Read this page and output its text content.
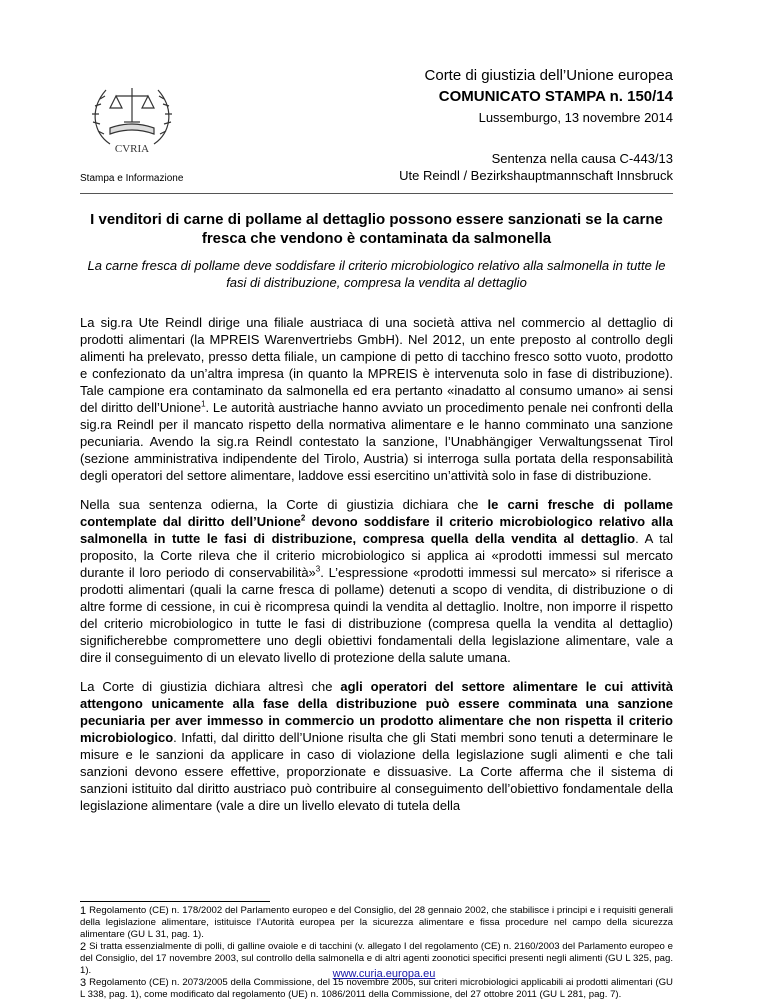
CVRIA
Stampa e Informazione
Corte di giustizia dell’Unione europea
COMUNICATO STAMPA n. 150/14
Lussemburgo, 13 novembre 2014
Sentenza nella causa C-443/13
Ute Reindl / Bezirkshauptmannschaft Innsbruck
I venditori di carne di pollame al dettaglio possono essere sanzionati se la carne fresca che vendono è contaminata da salmonella
La carne fresca di pollame deve soddisfare il criterio microbiologico relativo alla salmonella in tutte le fasi di distribuzione, compresa la vendita al dettaglio

La sig.ra Ute Reindl dirige una filiale austriaca di una società attiva nel commercio al dettaglio di prodotti alimentari (la MPREIS Warenvertriebs GmbH). Nel 2012, un ente preposto al controllo degli alimenti ha prelevato, presso detta filiale, un campione di petto di tacchino fresco sotto vuoto, prodotto e confezionato da un’altra impresa (in quanto la MPREIS è intervenuta solo in fase di distribuzione). Tale campione era contaminato da salmonella ed era pertanto «inadatto al consumo umano» ai sensi del diritto dell’Unione$^1$. Le autorità austriache hanno avviato un procedimento penale nei confronti della sig.ra Reindl per il mancato rispetto della normativa alimentare e le hanno comminato una sanzione pecuniaria. Avendo la sig.ra Reindl contestato la sanzione, l’Unabhängiger Verwaltungssenat Tirol (sezione amministrativa indipendente del Tirolo, Austria) si interroga sulla portata della responsabilità degli operatori del settore alimentare, laddove essi esercitino un’attività solo in fase di distribuzione.

Nella sua sentenza odierna, la Corte di giustizia dichiara che le carni fresche di pollame contemplate dal diritto dell’Unione$^2$ devono soddisfare il criterio microbiologico relativo alla salmonella in tutte le fasi di distribuzione, compresa quella della vendita al dettaglio. A tal proposito, la Corte rileva che il criterio microbiologico si applica ai «prodotti immessi sul mercato durante il loro periodo di conservabilità»$^3$. L’espressione «prodotti immessi sul mercato» si riferisce a prodotti alimentari (quali la carne fresca di pollame) detenuti a scopo di vendita, di distribuzione o di altre forme di cessione, in cui è ricompresa quindi la vendita al dettaglio. Inoltre, non imporre il rispetto del criterio microbiologico in tutte le fasi di distribuzione (compresa quella la vendita al dettaglio) significherebbe compromettere uno degli obiettivi fondamentali della legislazione alimentare, vale a dire il conseguimento di un elevato livello di protezione della salute umana.

La Corte di giustizia dichiara altresì che agli operatori del settore alimentare le cui attività attengono unicamente alla fase della distribuzione può essere comminata una sanzione pecuniaria per aver immesso in commercio un prodotto alimentare che non rispetta il criterio microbiologico. Infatti, dal diritto dell’Unione risulta che gli Stati membri sono tenuti a determinare le misure e le sanzioni da applicare in caso di violazione della legislazione sugli alimenti e che tali sanzioni devono essere effettive, proporzionate e dissuasive. La Corte afferma che il sistema di sanzioni istituito dal diritto austriaco può contribuire al conseguimento dell’obiettivo fondamentale della legislazione alimentare (vale a dire un livello elevato di tutela della

1 Regolamento (CE) n. 178/2002 del Parlamento europeo e del Consiglio, del 28 gennaio 2002, che stabilisce i principi e i requisiti generali della legislazione alimentare, istituisce l’Autorità europea per la sicurezza alimentare e fissa procedure nel campo della sicurezza alimentare (GU L 31, pag. 1).

2 Si tratta essenzialmente di polli, di galline ovaiole e di tacchini (v. allegato I del regolamento (CE) n. 2160/2003 del Parlamento europeo e del Consiglio, del 17 novembre 2003, sul controllo della salmonella e di altri agenti zoonotici specifici presenti negli alimenti (GU L 325, pag. 1).

3 Regolamento (CE) n. 2073/2005 della Commissione, del 15 novembre 2005, sui criteri microbiologici applicabili ai prodotti alimentari (GU L 338, pag. 1), come modificato dal regolamento (UE) n. 1086/2011 della Commissione, del 27 ottobre 2011 (GU L 281, pag. 7).

www.curia.europa.eu
